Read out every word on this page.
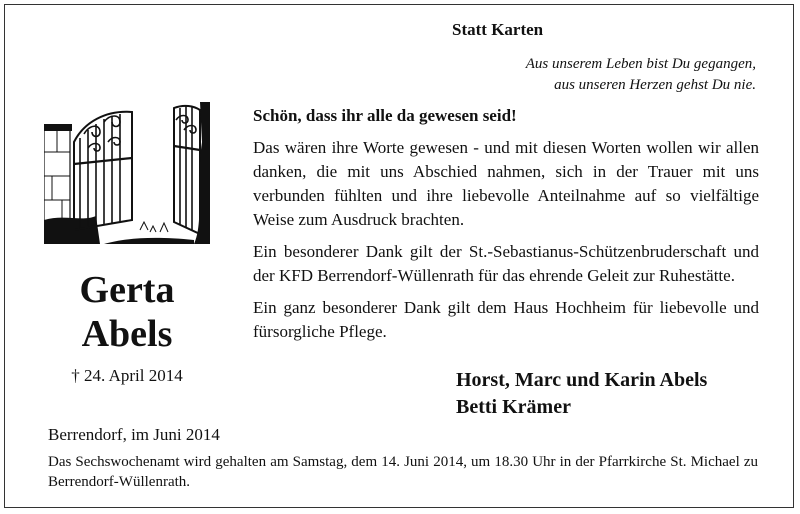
Statt Karten
Aus unserem Leben bist Du gegangen,
aus unseren Herzen gehst Du nie.
Gerta
Abels
† 24. April 2014

Schön, dass ihr alle da gewesen seid!

Das wären ihre Worte gewesen - und mit diesen Worten wollen wir allen danken, die mit uns Abschied nahmen, sich in der Trauer mit uns verbunden fühlten und ihre liebevolle Anteilnahme auf so vielfältige Weise zum Ausdruck brachten.

Ein besonderer Dank gilt der St.-Sebastianus-Schützenbruderschaft und der KFD Berrendorf-Wüllenrath für das ehrende Geleit zur Ruhestätte.

Ein ganz besonderer Dank gilt dem Haus Hochheim für liebevolle und fürsorgliche Pflege.

Horst, Marc und Karin Abels
Betti Krämer
Berrendorf, im Juni 2014
Das Sechswochenamt wird gehalten am Samstag, dem 14. Juni 2014, um 18.30 Uhr in der Pfarrkirche St. Michael zu Berrendorf-Wüllenrath.
